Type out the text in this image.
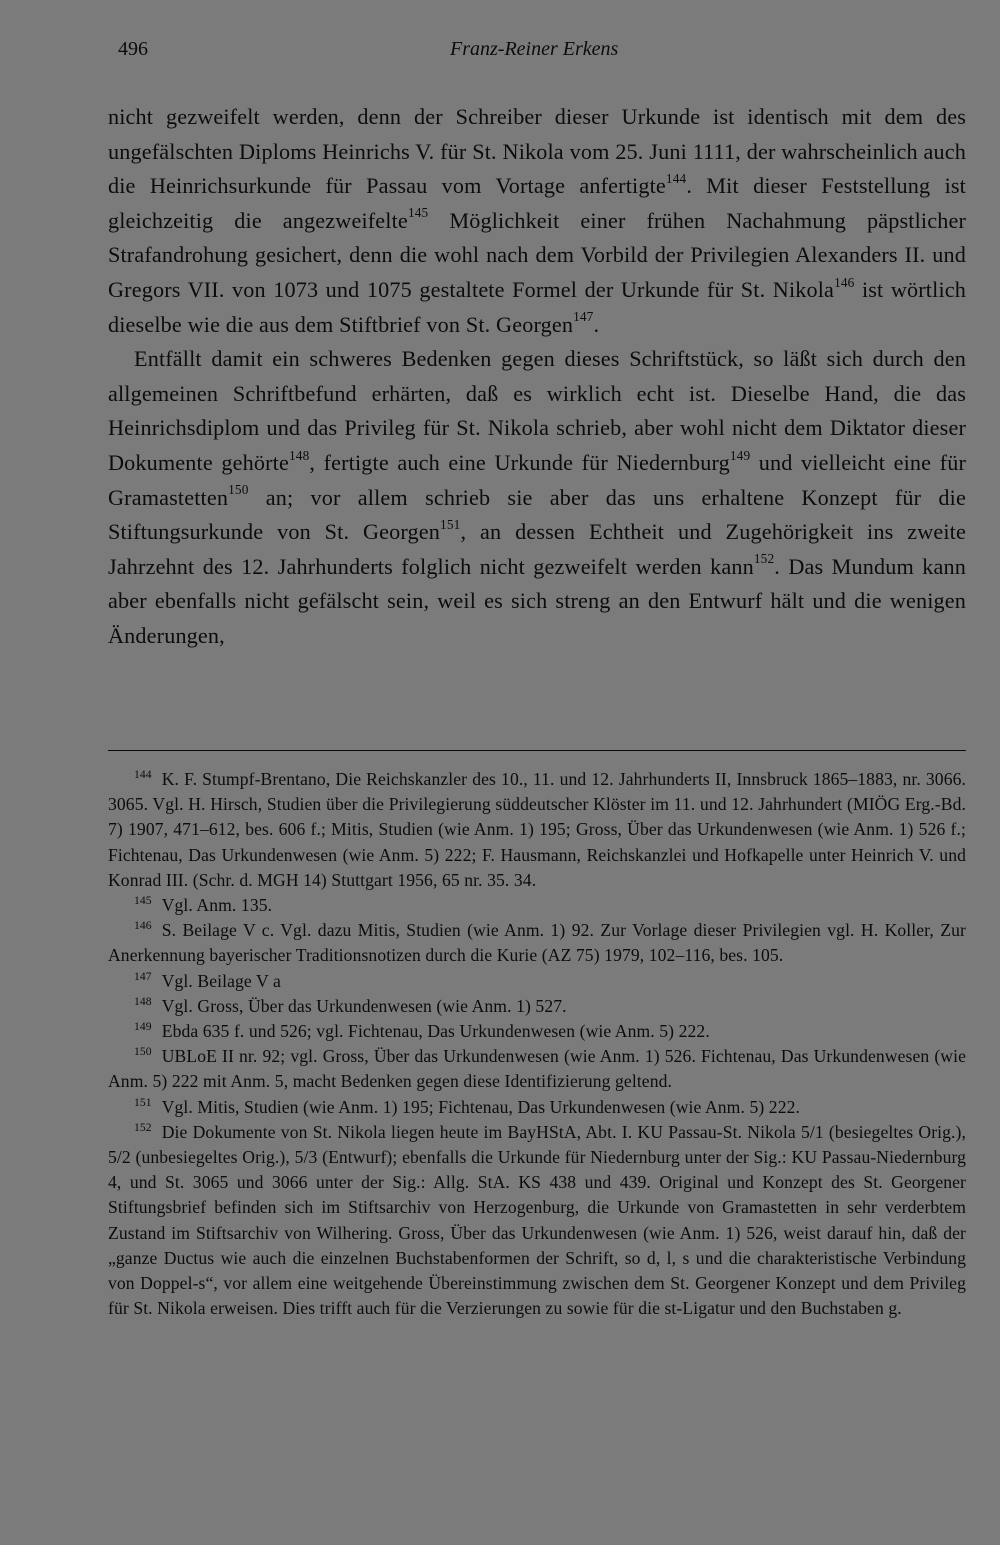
496	Franz-Reiner Erkens

nicht gezweifelt werden, denn der Schreiber dieser Urkunde ist identisch mit dem des ungefälschten Diploms Heinrichs V. für St. Nikola vom 25. Juni 1111, der wahrscheinlich auch die Heinrichsurkunde für Passau vom Vortage anfertigte$^{144}$. Mit dieser Feststellung ist gleichzeitig die angezweifelte$^{145}$ Möglichkeit einer frühen Nachahmung päpstlicher Strafandrohung gesichert, denn die wohl nach dem Vorbild der Privilegien Alexanders II. und Gregors VII. von 1073 und 1075 gestaltete Formel der Urkunde für St. Nikola$^{146}$ ist wörtlich dieselbe wie die aus dem Stiftbrief von St. Georgen$^{147}$.

Entfällt damit ein schweres Bedenken gegen dieses Schriftstück, so läßt sich durch den allgemeinen Schriftbefund erhärten, daß es wirklich echt ist. Dieselbe Hand, die das Heinrichsdiplom und das Privileg für St. Nikola schrieb, aber wohl nicht dem Diktator dieser Dokumente gehörte$^{148}$, fertigte auch eine Urkunde für Niedernburg$^{149}$ und vielleicht eine für Gramastetten$^{150}$ an; vor allem schrieb sie aber das uns erhaltene Konzept für die Stiftungsurkunde von St. Georgen$^{151}$, an dessen Echtheit und Zugehörigkeit ins zweite Jahrzehnt des 12. Jahrhunderts folglich nicht gezweifelt werden kann$^{152}$. Das Mundum kann aber ebenfalls nicht gefälscht sein, weil es sich streng an den Entwurf hält und die wenigen Änderungen,

$^{144}$ K. F. Stumpf-Brentano, Die Reichskanzler des 10., 11. und 12. Jahrhunderts II, Innsbruck 1865–1883, nr. 3066. 3065. Vgl. H. Hirsch, Studien über die Privilegierung süddeutscher Klöster im 11. und 12. Jahrhundert (MIÖG Erg.-Bd. 7) 1907, 471–612, bes. 606 f.; Mitis, Studien (wie Anm. 1) 195; Gross, Über das Urkundenwesen (wie Anm. 1) 526 f.; Fichtenau, Das Urkundenwesen (wie Anm. 5) 222; F. Hausmann, Reichskanzlei und Hofkapelle unter Heinrich V. und Konrad III. (Schr. d. MGH 14) Stuttgart 1956, 65 nr. 35. 34.

$^{145}$ Vgl. Anm. 135.

$^{146}$ S. Beilage V c. Vgl. dazu Mitis, Studien (wie Anm. 1) 92. Zur Vorlage dieser Privilegien vgl. H. Koller, Zur Anerkennung bayerischer Traditionsnotizen durch die Kurie (AZ 75) 1979, 102–116, bes. 105.

$^{147}$ Vgl. Beilage V a

$^{148}$ Vgl. Gross, Über das Urkundenwesen (wie Anm. 1) 527.

$^{149}$ Ebda 635 f. und 526; vgl. Fichtenau, Das Urkundenwesen (wie Anm. 5) 222.

$^{150}$ UBLoE II nr. 92; vgl. Gross, Über das Urkundenwesen (wie Anm. 1) 526. Fichtenau, Das Urkundenwesen (wie Anm. 5) 222 mit Anm. 5, macht Bedenken gegen diese Identifizierung geltend.

$^{151}$ Vgl. Mitis, Studien (wie Anm. 1) 195; Fichtenau, Das Urkundenwesen (wie Anm. 5) 222.

$^{152}$ Die Dokumente von St. Nikola liegen heute im BayHStA, Abt. I. KU Passau-St. Nikola 5/1 (besiegeltes Orig.), 5/2 (unbesiegeltes Orig.), 5/3 (Entwurf); ebenfalls die Urkunde für Niedernburg unter der Sig.: KU Passau-Niedernburg 4, und St. 3065 und 3066 unter der Sig.: Allg. StA. KS 438 und 439. Original und Konzept des St. Georgener Stiftungsbrief befinden sich im Stiftsarchiv von Herzogenburg, die Urkunde von Gramastetten in sehr verderbtem Zustand im Stiftsarchiv von Wilhering. Gross, Über das Urkundenwesen (wie Anm. 1) 526, weist darauf hin, daß der „ganze Ductus wie auch die einzelnen Buchstabenformen der Schrift, so d, l, s und die charakteristische Verbindung von Doppel-s“, vor allem eine weitgehende Übereinstimmung zwischen dem St. Georgener Konzept und dem Privileg für St. Nikola erweisen. Dies trifft auch für die Verzierungen zu sowie für die st-Ligatur und den Buchstaben g.
